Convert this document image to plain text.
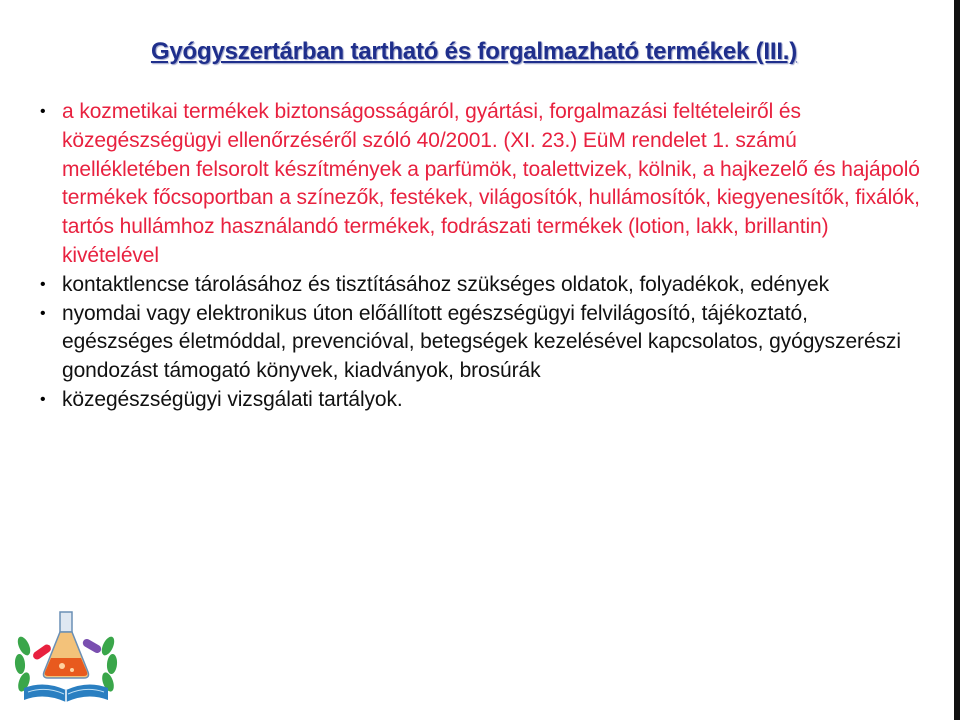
Gyógyszertárban tartható és forgalmazható termékek (III.)
• a kozmetikai termékek biztonságosságáról, gyártási, forgalmazási feltételeiről és közegészségügyi ellenőrzéséről szóló 40/2001. (XI. 23.) EüM rendelet 1. számú mellékletében felsorolt készítmények a parfümök, toalettvizek, kölnik, a hajkezelő és hajápoló termékek főcsoportban a színezők, festékek, világosítók, hullámosítók, kiegyenesítők, fixálók, tartós hullámhoz használandó termékek, fodrászati termékek (lotion, lakk, brillantin) kivételével
• kontaktlencse tárolásához és tisztításához szükséges oldatok, folyadékok, edények
• nyomdai vagy elektronikus úton előállított egészségügyi felvilágosító, tájékoztató, egészséges életmóddal, prevencióval, betegségek kezelésével kapcsolatos, gyógyszerészi gondozást támogató könyvek, kiadványok, brosúrák
• közegészségügyi vizsgálati tartályok.
